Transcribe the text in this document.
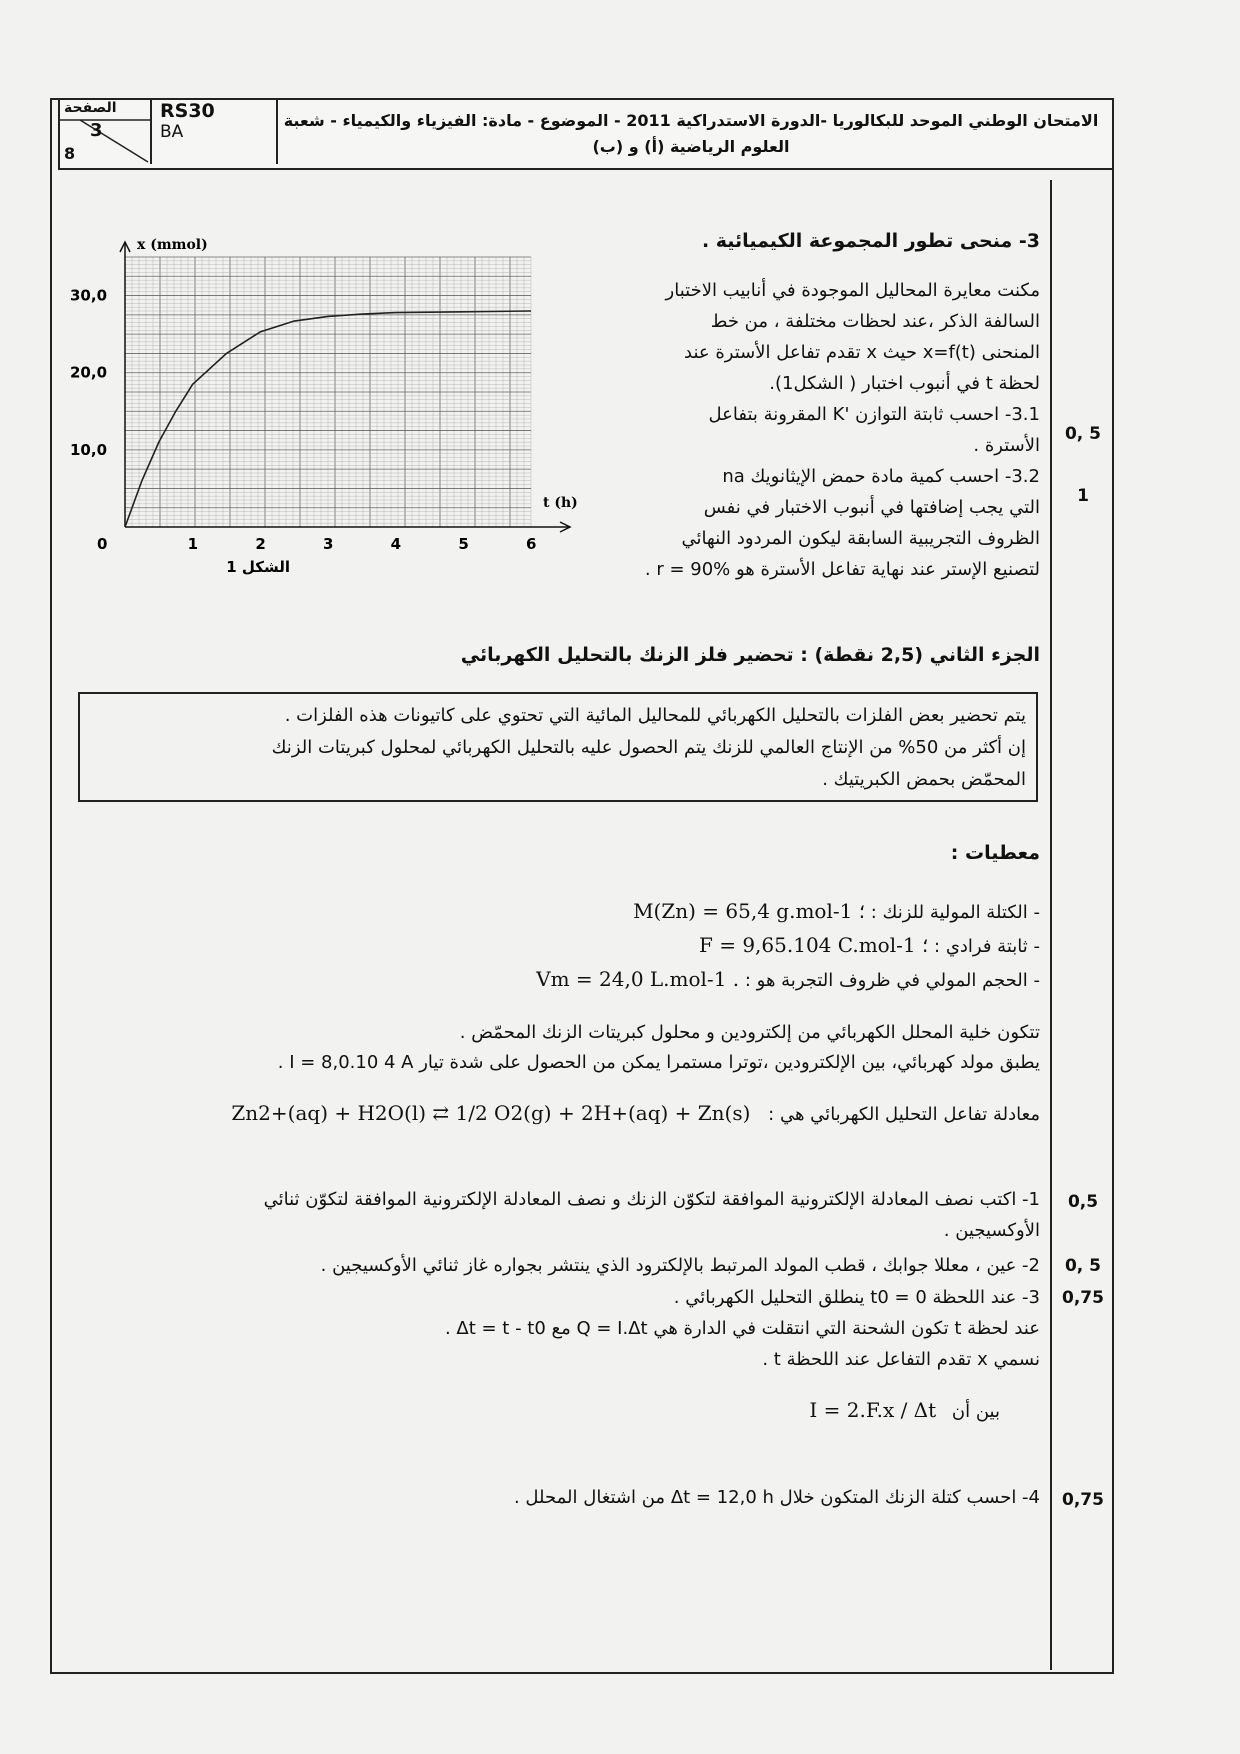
الصفحة
3
8
RS30
BA
الامتحان الوطني الموحد للبكالوريا -الدورة الاستدراكية 2011 - الموضوع - مادة: الفيزياء والكيمياء - شعبة
العلوم الرياضية (أ) و (ب)
3- منحى تطور المجموعة الكيميائية .
مكنت معايرة المحاليل الموجودة في أنابيب الاختبار
السالفة الذكر ،عند لحظات مختلفة ، من خط
المنحنى x=f(t) حيث x تقدم تفاعل الأسترة عند
لحظة t في أنبوب اختبار ( الشكل1).
3.1- احسب ثابتة التوازن 'K المقرونة بتفاعل
الأسترة .
3.2- احسب كمية مادة حمض الإيثانويك na
التي يجب إضافتها في أنبوب الاختبار في نفس
الظروف التجريبية السابقة ليكون المردود النهائي
لتصنيع الإستر عند نهاية تفاعل الأسترة هو r = 90% .
0, 5
1
0	1	2	3	4	5	6
10,0
20,0
30,0
t (h)
x (mmol)
الشكل 1
الجزء الثاني (2,5 نقطة) : تحضير فلز الزنك بالتحليل الكهربائي
يتم تحضير بعض الفلزات بالتحليل الكهربائي للمحاليل المائية التي تحتوي على كاتيونات هذه الفلزات .
إن أكثر من 50% من الإنتاج العالمي للزنك يتم الحصول عليه بالتحليل الكهربائي لمحلول كبريتات الزنك
المحمّض بحمض الكبريتيك .
معطيات :
- الكتلة المولية للزنك : M(Zn) = 65,4 g.mol-1 ؛
- ثابتة فرادي : F = 9,65.104 C.mol-1 ؛
- الحجم المولي في ظروف التجربة هو : Vm = 24,0 L.mol-1 .
تتكون خلية المحلل الكهربائي من إلكترودين و محلول كبريتات الزنك المحمّض .
يطبق مولد كهربائي، بين الإلكترودين ،توترا مستمرا يمكن من الحصول على شدة تيار I = 8,0.10 4 A .
معادلة تفاعل التحليل الكهربائي هي : Zn2+(aq) + H2O(l) ⇄ 1/2 O2(g) + 2H+(aq) + Zn(s)
1- اكتب نصف المعادلة الإلكترونية الموافقة لتكوّن الزنك و نصف المعادلة الإلكترونية الموافقة لتكوّن ثنائي
الأوكسيجين .
0,5
2- عين ، معللا جوابك ، قطب المولد المرتبط بالإلكترود الذي ينتشر بجواره غاز ثنائي الأوكسيجين .	0, 5
3- عند اللحظة t0 = 0 ينطلق التحليل الكهربائي .
عند لحظة t تكون الشحنة التي انتقلت في الدارة هي Q = I.Δt مع Δt = t - t0 .
نسمي x تقدم التفاعل عند اللحظة t .
0,75
بين أن I = 2.F.x / Δt
4- احسب كتلة الزنك المتكون خلال Δt = 12,0 h من اشتغال المحلل . 0,75
